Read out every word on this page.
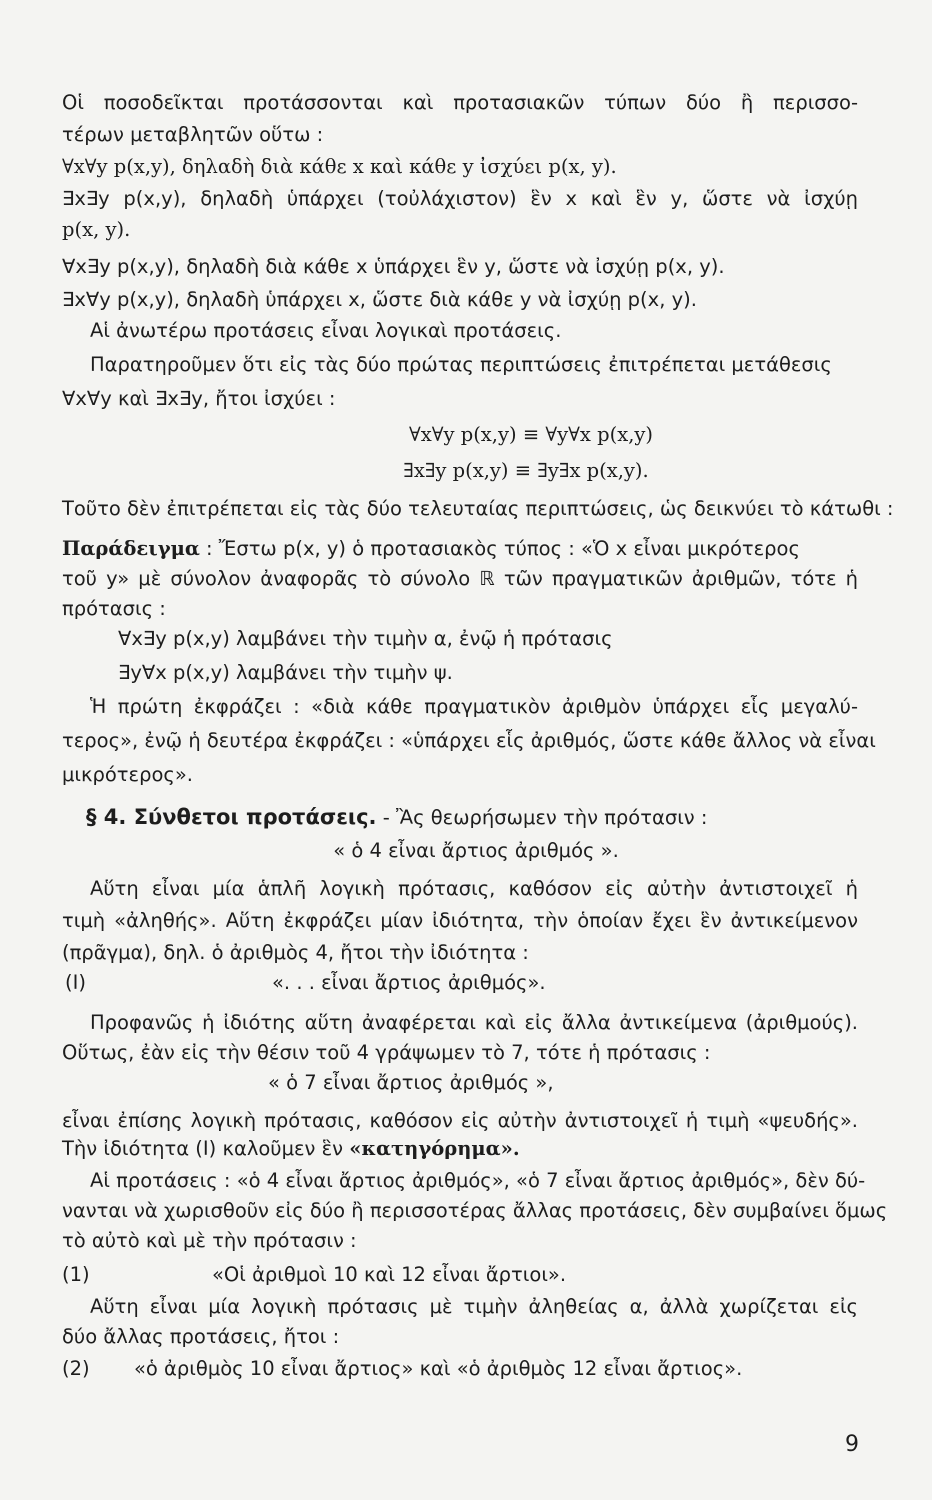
Οἱ ποσοδεῖκται προτάσσονται καὶ προτασιακῶν τύπων δύο ἢ περισσο-
τέρων μεταβλητῶν οὕτω :
∀x∀y p(x,y), δηλαδὴ διὰ κάθε x καὶ κάθε y ἰσχύει p(x, y).
∃x∃y p(x,y), δηλαδὴ ὑπάρχει (τοὐλάχιστον) ἓν x καὶ ἓν y, ὥστε νὰ ἰσχύῃ
p(x, y).
∀x∃y p(x,y), δηλαδὴ διὰ κάθε x ὑπάρχει ἓν y, ὥστε νὰ ἰσχύῃ p(x, y).
∃x∀y p(x,y), δηλαδὴ ὑπάρχει x, ὥστε διὰ κάθε y νὰ ἰσχύῃ p(x, y).
Αἱ ἀνωτέρω προτάσεις εἶναι λογικαὶ προτάσεις.
Παρατηροῦμεν ὅτι εἰς τὰς δύο πρώτας περιπτώσεις ἐπιτρέπεται μετάθεσις
∀x∀y καὶ ∃x∃y, ἤτοι ἰσχύει :
∀x∀y p(x,y) ≡ ∀y∀x p(x,y)
∃x∃y p(x,y) ≡ ∃y∃x p(x,y).
Τοῦτο δὲν ἐπιτρέπεται εἰς τὰς δύο τελευταίας περιπτώσεις, ὡς δεικνύει τὸ κάτωθι :
Παράδειγμα : Ἔστω p(x, y) ὁ προτασιακὸς τύπος : «Ὁ x εἶναι μικρότερος
τοῦ y» μὲ σύνολον ἀναφορᾶς τὸ σύνολο ℝ τῶν πραγματικῶν ἀριθμῶν, τότε ἡ
πρότασις :
∀x∃y p(x,y) λαμβάνει τὴν τιμὴν α, ἐνῷ ἡ πρότασις
∃y∀x p(x,y) λαμβάνει τὴν τιμὴν ψ.
Ἡ πρώτη ἐκφράζει : «διὰ κάθε πραγματικὸν ἀριθμὸν ὑπάρχει εἷς μεγαλύ-
τερος», ἐνῷ ἡ δευτέρα ἐκφράζει : «ὑπάρχει εἷς ἀριθμός, ὥστε κάθε ἄλλος νὰ εἶναι
μικρότερος».
§ 4. Σύνθετοι προτάσεις. - Ἂς θεωρήσωμεν τὴν πρότασιν :
« ὁ 4 εἶναι ἄρτιος ἀριθμός ».
Αὕτη εἶναι μία ἁπλῆ λογικὴ πρότασις, καθόσον εἰς αὐτὴν ἀντιστοιχεῖ ἡ
τιμὴ «ἀληθής». Αὕτη ἐκφράζει μίαν ἰδιότητα, τὴν ὁποίαν ἔχει ἓν ἀντικείμενον
(πρᾶγμα), δηλ. ὁ ἀριθμὸς 4, ἤτοι τὴν ἰδιότητα :
(Ι)	«. . . εἶναι ἄρτιος ἀριθμός».
Προφανῶς ἡ ἰδιότης αὕτη ἀναφέρεται καὶ εἰς ἄλλα ἀντικείμενα (ἀριθμούς).
Οὕτως, ἐὰν εἰς τὴν θέσιν τοῦ 4 γράψωμεν τὸ 7, τότε ἡ πρότασις :
« ὁ 7 εἶναι ἄρτιος ἀριθμός »,
εἶναι ἐπίσης λογικὴ πρότασις, καθόσον εἰς αὐτὴν ἀντιστοιχεῖ ἡ τιμὴ «ψευδής».
Τὴν ἰδιότητα (Ι) καλοῦμεν ἓν «κατηγόρημα».
Αἱ προτάσεις : «ὁ 4 εἶναι ἄρτιος ἀριθμός», «ὁ 7 εἶναι ἄρτιος ἀριθμός», δὲν δύ-
νανται νὰ χωρισθοῦν εἰς δύο ἢ περισσοτέρας ἄλλας προτάσεις, δὲν συμβαίνει ὅμως
τὸ αὐτὸ καὶ μὲ τὴν πρότασιν :
(1)	«Οἱ ἀριθμοὶ 10 καὶ 12 εἶναι ἄρτιοι».
Αὕτη εἶναι μία λογικὴ πρότασις μὲ τιμὴν ἀληθείας α, ἀλλὰ χωρίζεται εἰς
δύο ἄλλας προτάσεις, ἤτοι :
(2) «ὁ ἀριθμὸς 10 εἶναι ἄρτιος» καὶ «ὁ ἀριθμὸς 12 εἶναι ἄρτιος».
9
